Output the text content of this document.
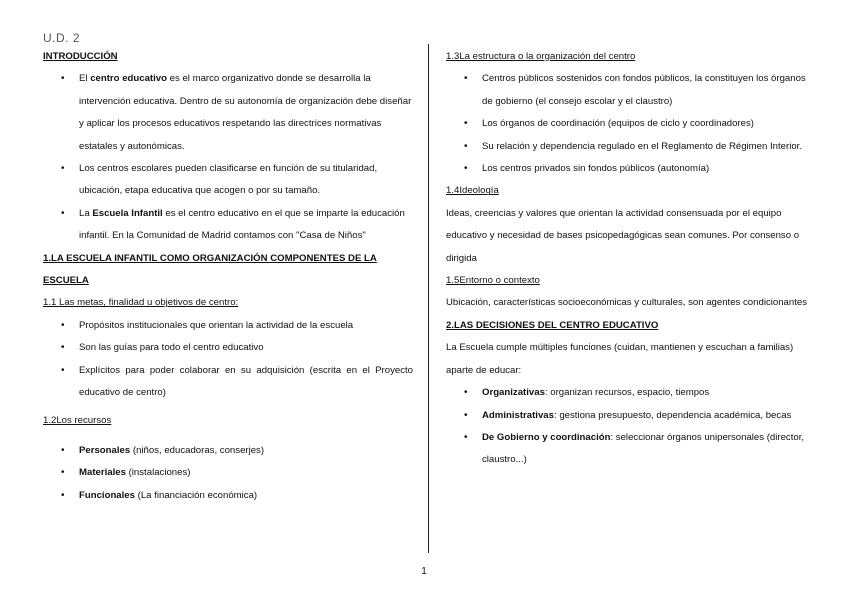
U.D. 2
INTRODUCCIÓN
• El centro educativo es el marco organizativo donde se desarrolla la intervención educativa. Dentro de su autonomía de organización debe diseñar y aplicar los procesos educativos respetando las directrices normativas estatales y autonómicas.
• Los centros escolares pueden clasificarse en función de su titularidad, ubicación, etapa educativa que acogen o por su tamaño.
• La Escuela Infantil es el centro educativo en el que se imparte la educación infantil. En la Comunidad de Madrid contamos con "Casa de Niños"
1.LA ESCUELA INFANTIL COMO ORGANIZACIÓN COMPONENTES DE LA ESCUELA
1.1 Las metas, finalidad u objetivos de centro:
• Propósitos institucionales que orientan la actividad de la escuela
• Son las guías para todo el centro educativo
• Explícitos para poder colaborar en su adquisición (escrita en el Proyecto educativo de centro)
1.2Los recursos
• Personales (niños, educadoras, conserjes)
• Materiales (instalaciones)
• Funcionales (La financiación económica)
1.3La estructura o la organización del centro
• Centros públicos sostenidos con fondos públicos, la constituyen los órganos de gobierno (el consejo escolar y el claustro)
• Los órganos de coordinación (equipos de ciclo y coordinadores)
• Su relación y dependencia regulado en el Reglamento de Régimen Interior.
• Los centros privados sin fondos públicos (autonomía)
1.4Ideología
Ideas, creencias y valores que orientan la actividad consensuada por el equipo educativo y necesidad de bases psicopedagógicas sean comunes. Por consenso o dirigida
1.5Entorno o contexto
Ubicación, características socioeconómicas y culturales, son agentes condicionantes
2.LAS DECISIONES DEL CENTRO EDUCATIVO
La Escuela cumple múltiples funciones (cuidan, mantienen y escuchan a familias) aparte de educar:
• Organizativas: organizan recursos, espacio, tiempos
• Administrativas: gestiona presupuesto, dependencia académica, becas
• De Gobierno y coordinación: seleccionar órganos unipersonales (director, claustro...)
1
